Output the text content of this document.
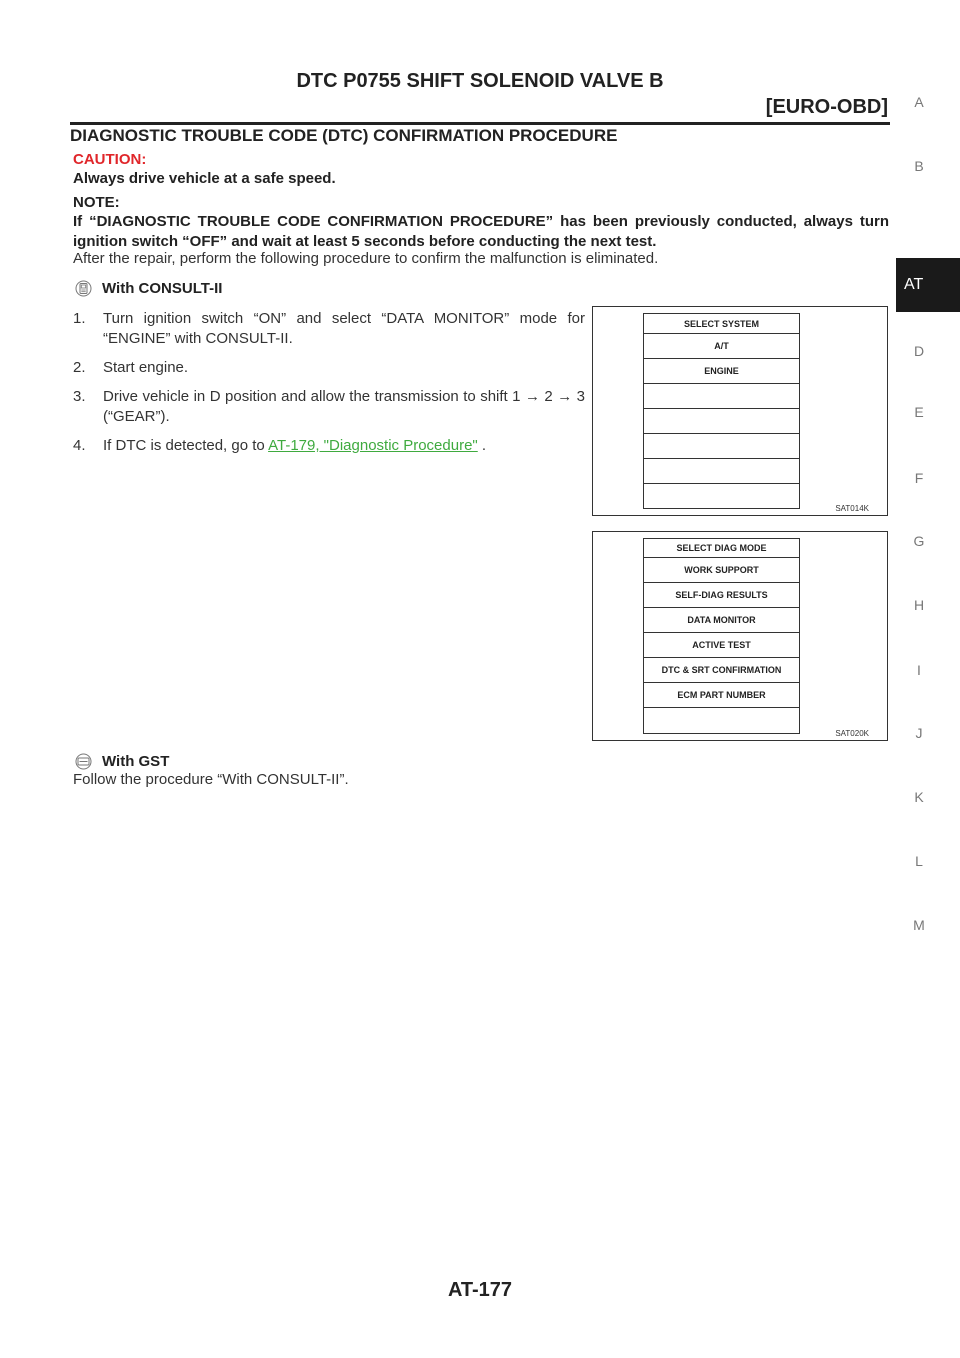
DTC P0755 SHIFT SOLENOID VALVE B
[EURO-OBD]	A
B
AT
D
E
F
G
H
I
J
K
L
M
DIAGNOSTIC TROUBLE CODE (DTC) CONFIRMATION PROCEDURE
CAUTION:
Always drive vehicle at a safe speed.
NOTE:
If “DIAGNOSTIC TROUBLE CODE CONFIRMATION PROCEDURE” has been previously conducted, always turn ignition switch “OFF” and wait at least 5 seconds before conducting the next test.
After the repair, perform the following procedure to confirm the malfunction is eliminated.
With CONSULT-II
1.	Turn ignition switch “ON” and select “DATA MONITOR” mode for “ENGINE” with CONSULT-II.
2.	Start engine.
3.	Drive vehicle in D position and allow the transmission to shift 1 → 2 → 3 (“GEAR”).
4.	If DTC is detected, go to AT-179, "Diagnostic Procedure" .
SELECT SYSTEM
A/T
ENGINE
SAT014K
SELECT DIAG MODE
WORK SUPPORT
SELF-DIAG RESULTS
DATA MONITOR
ACTIVE TEST
DTC & SRT CONFIRMATION
ECM PART NUMBER
SAT020K
With GST
Follow the procedure “With CONSULT-II”.
AT-177
